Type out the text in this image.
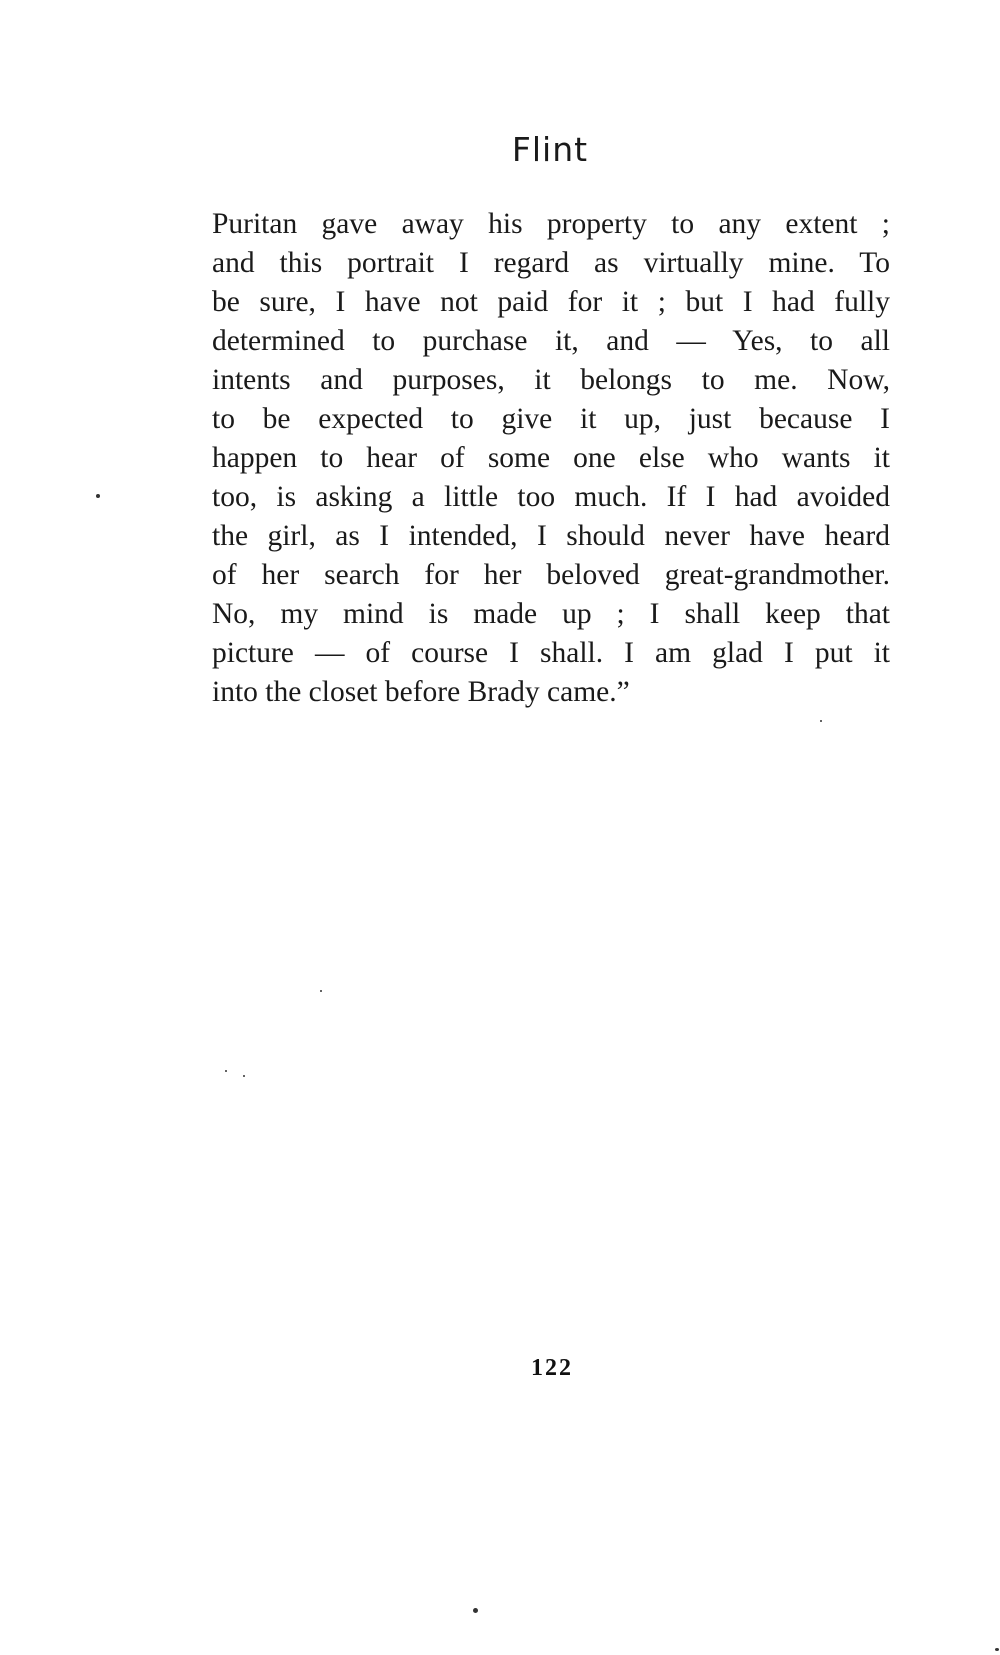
Flint
Puritan gave away his property to any extent ;
and this portrait I regard as virtually mine. To
be sure, I have not paid for it ; but I had fully
determined to purchase it, and — Yes, to all
intents and purposes, it belongs to me. Now,
to be expected to give it up, just because I
happen to hear of some one else who wants it
too, is asking a little too much. If I had avoided
the girl, as I intended, I should never have heard
of her search for her beloved great-grandmother.
No, my mind is made up ; I shall keep that
picture — of course I shall. I am glad I put it
into the closet before Brady came.”
122
